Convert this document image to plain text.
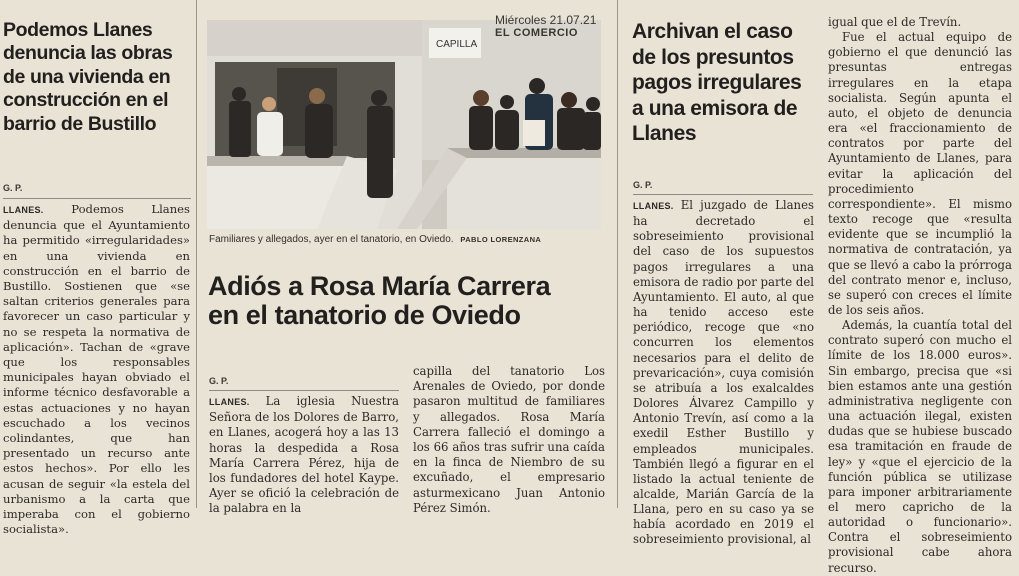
Podemos Llanes denuncia las obras de una vivienda en construcción en el barrio de Bustillo
G. P.

LLANES. Podemos Llanes denuncia que el Ayuntamiento ha permitido «irregularidades» en una vivienda en construcción en el barrio de Bustillo. Sostienen que «se saltan criterios generales para favorecer un caso particular y no se respeta la normativa de aplicación». Tachan de «grave que los responsables municipales hayan obviado el informe técnico desfavorable a estas actuaciones y no hayan escuchado a los vecinos colindantes, que han presentado un recurso ante estos hechos». Por ello les acusan de seguir «la estela del urbanismo a la carta que imperaba con el gobierno socialista».

CAPILLA
Miércoles 21.07.21
EL COMERCIO
Familiares y allegados, ayer en el tanatorio, en Oviedo. PABLO LORENZANA
Adiós a Rosa María Carrera en el tanatorio de Oviedo
G. P.

LLANES. La iglesia Nuestra Señora de los Dolores de Barro, en Llanes, acogerá hoy a las 13 horas la despedida a Rosa María Carrera Pérez, hija de los fundadores del hotel Kaype. Ayer se ofició la celebración de la palabra en la

capilla del tanatorio Los Arenales de Oviedo, por donde pasaron multitud de familiares y allegados. Rosa María Carrera falleció el domingo a los 66 años tras sufrir una caída en la finca de Niembro de su excuñado, el empresario asturmexicano Juan Antonio Pérez Simón.

Archivan el caso de los presuntos pagos irregulares a una emisora de Llanes
G. P.

LLANES. El juzgado de Llanes ha decretado el sobreseimiento provisional del caso de los supuestos pagos irregulares a una emisora de radio por parte del Ayuntamiento. El auto, al que ha tenido acceso este periódico, recoge que «no concurren los elementos necesarios para el delito de prevaricación», cuya comisión se atribuía a los exalcaldes Dolores Álvarez Campillo y Antonio Trevín, así como a la exedil Esther Bustillo y empleados municipales. También llegó a figurar en el listado la actual teniente de alcalde, Marián García de la Llana, pero en su caso ya se había acordado en 2019 el sobreseimiento provisional, al

igual que el de Trevín.
Fue el actual equipo de gobierno el que denunció las presuntas entregas irregulares en la etapa socialista. Según apunta el auto, el objeto de denuncia era «el fraccionamiento de contratos por parte del Ayuntamiento de Llanes, para evitar la aplicación del procedimiento correspondiente». El mismo texto recoge que «resulta evidente que se incumplió la normativa de contratación, ya que se llevó a cabo la prórroga del contrato menor e, incluso, se superó con creces el límite de los seis años.
Además, la cuantía total del contrato superó con mucho el límite de los 18.000 euros». Sin embargo, precisa que «si bien estamos ante una gestión administrativa negligente con una actuación ilegal, existen dudas que se hubiese buscado esa tramitación en fraude de ley» y «que el ejercicio de la función pública se utilizase para imponer arbitrariamente el mero capricho de la autoridad o funcionario». Contra el sobreseimiento provisional cabe ahora recurso.
